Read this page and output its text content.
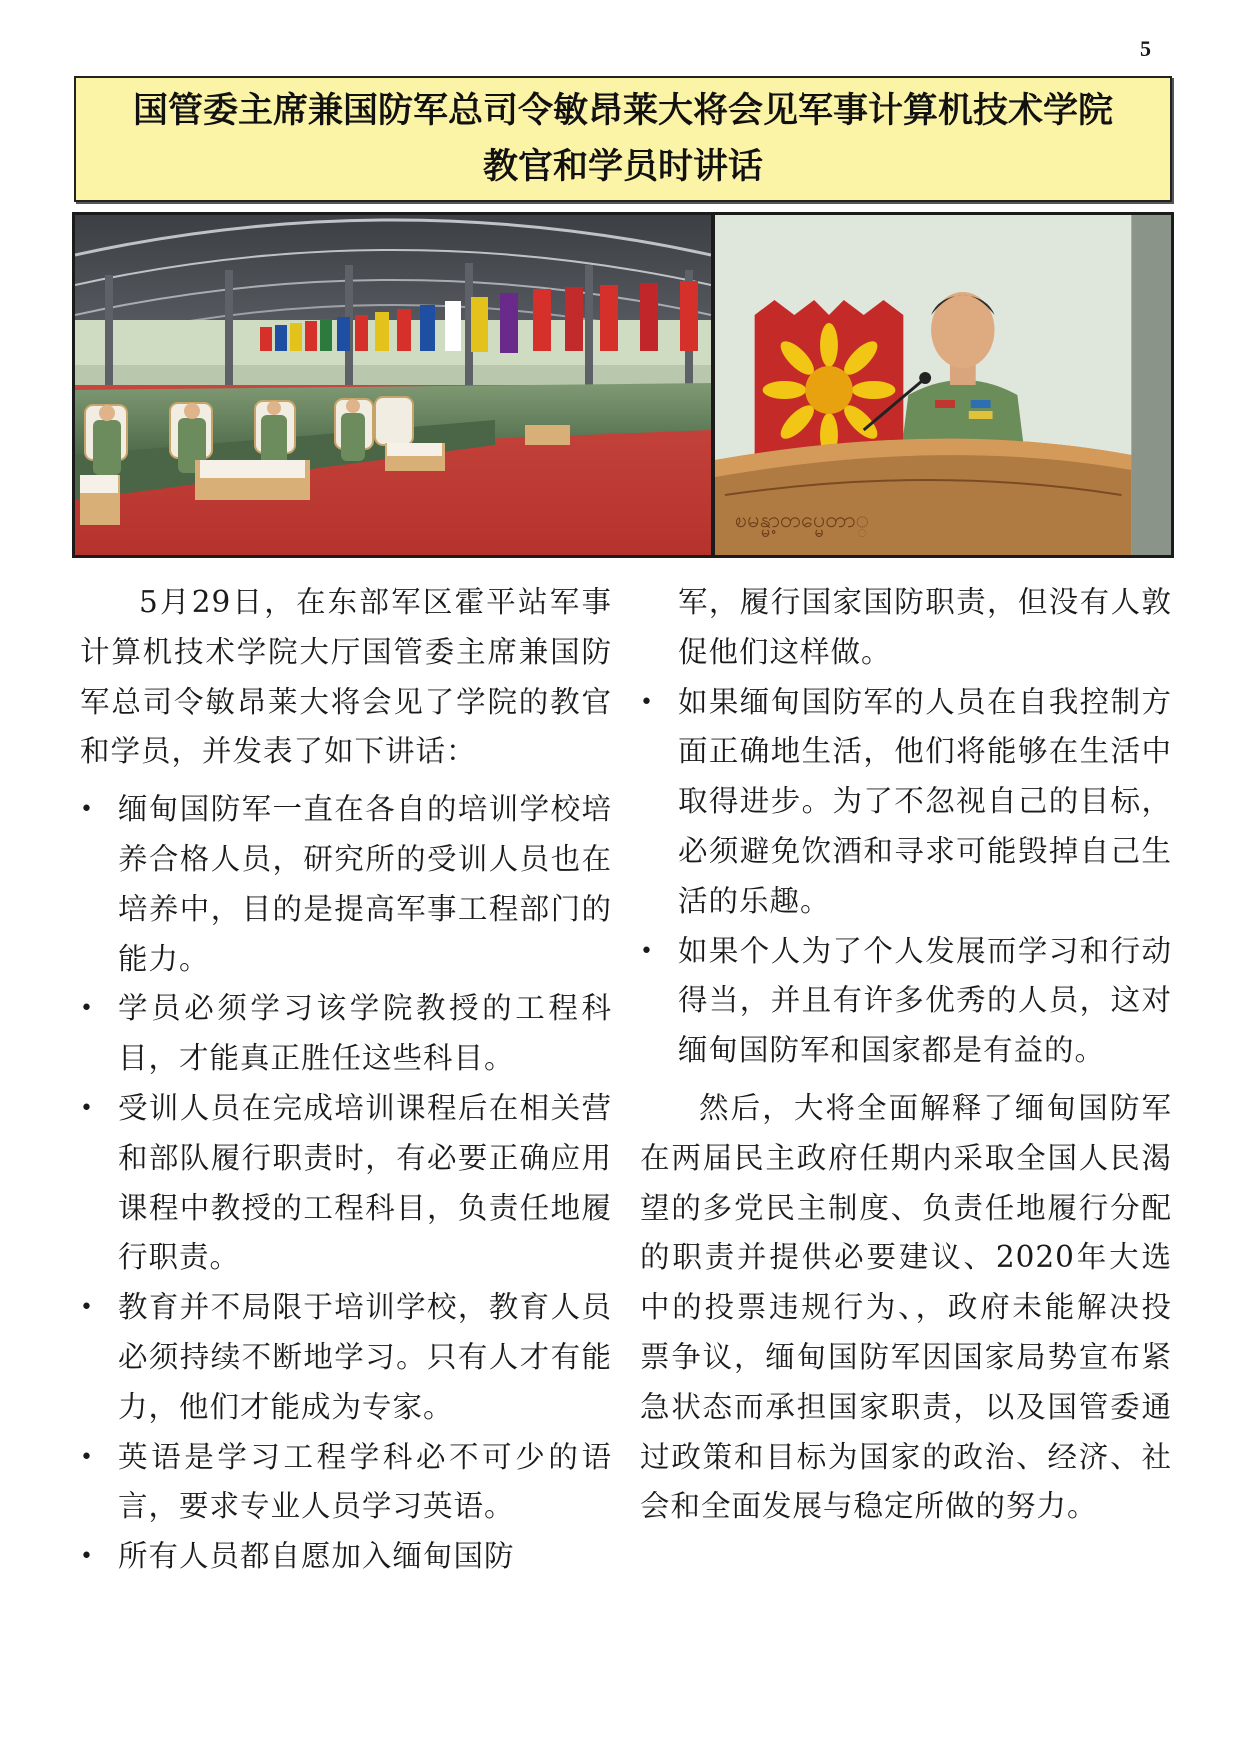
5
国管委主席兼国防军总司令敏昂莱大将会见军事计算机技术学院
教官和学员时讲话
ၿမန္မာ့တပ္မေတာ္

5月29日，在东部军区霍平站军事计算机技术学院大厅国管委主席兼国防军总司令敏昂莱大将会见了学院的教官和学员，并发表了如下讲话：

• 缅甸国防军一直在各自的培训学校培养合格人员，研究所的受训人员也在培养中，目的是提高军事工程部门的能力。
• 学员必须学习该学院教授的工程科目，才能真正胜任这些科目。
• 受训人员在完成培训课程后在相关营和部队履行职责时，有必要正确应用课程中教授的工程科目，负责任地履行职责。
• 教育并不局限于培训学校，教育人员必须持续不断地学习。只有人才有能力，他们才能成为专家。
• 英语是学习工程学科必不可少的语言，要求专业人员学习英语。
• 所有人员都自愿加入缅甸国防

军，履行国家国防职责，但没有人敦促他们这样做。

• 如果缅甸国防军的人员在自我控制方面正确地生活，他们将能够在生活中取得进步。为了不忽视自己的目标，必须避免饮酒和寻求可能毁掉自己生活的乐趣。
• 如果个人为了个人发展而学习和行动得当，并且有许多优秀的人员，这对缅甸国防军和国家都是有益的。

然后，大将全面解释了缅甸国防军在两届民主政府任期内采取全国人民渴望的多党民主制度、负责任地履行分配的职责并提供必要建议、2020年大选中的投票违规行为、，政府未能解决投票争议，缅甸国防军因国家局势宣布紧急状态而承担国家职责，以及国管委通过政策和目标为国家的政治、经济、社会和全面发展与稳定所做的努力。
